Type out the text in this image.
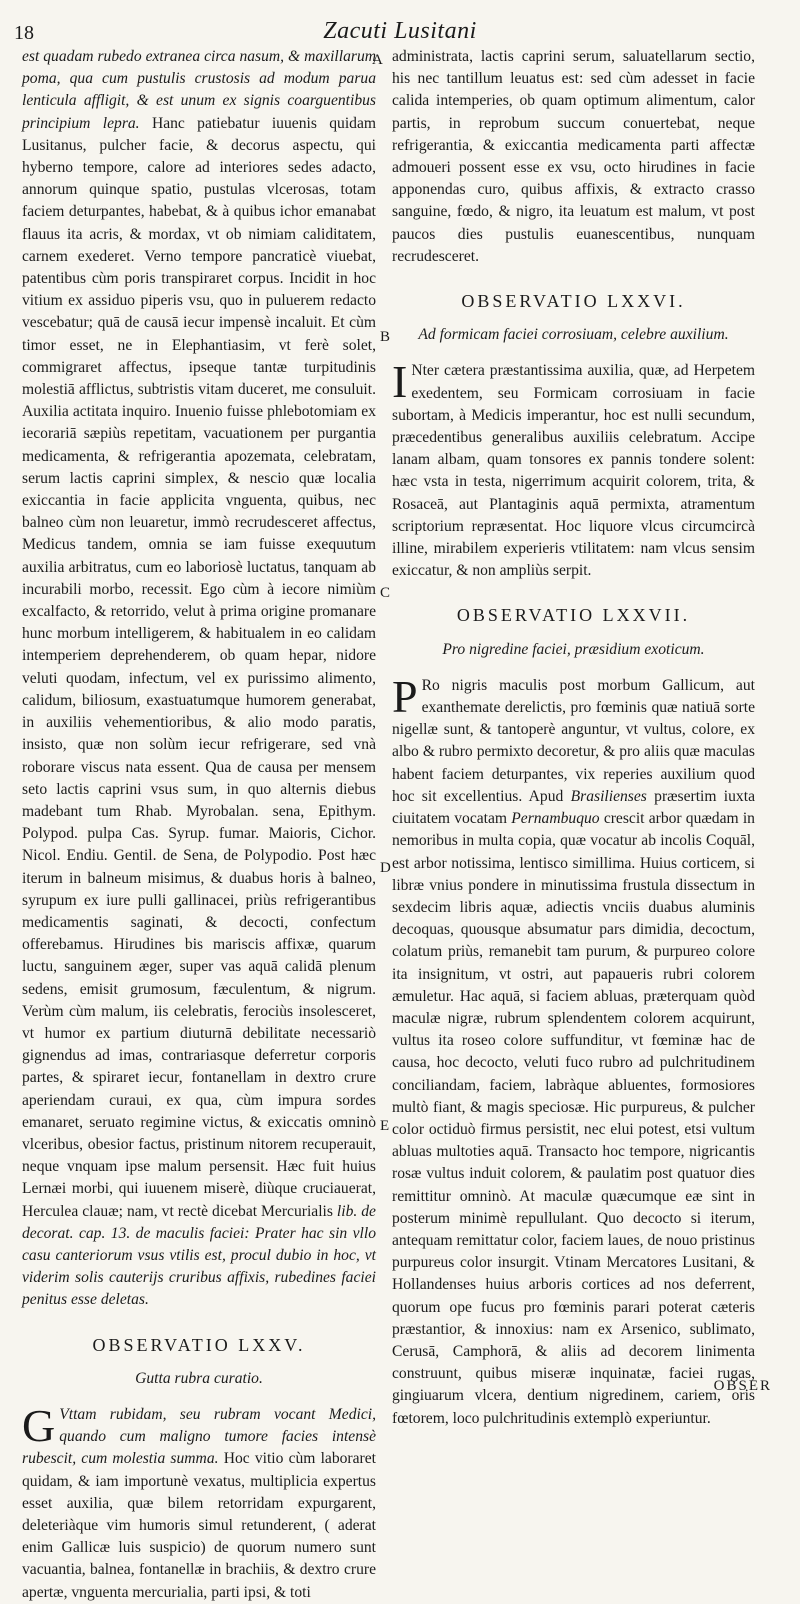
18	Zacuti Lusitani
A
B
C
D
E

est quadam rubedo extranea circa nasum, & maxillarum poma, qua cum pustulis crustosis ad modum parua lenticula affligit, & est unum ex signis coarguentibus principium lepra. Hanc patiebatur iuuenis quidam Lusitanus, pulcher facie, & decorus aspectu, qui hyberno tempore, calore ad interiores sedes adacto, annorum quinque spatio, pustulas vlcerosas, totam faciem deturpantes, habebat, & à quibus ichor emanabat flauus ita acris, & mordax, vt ob nimiam caliditatem, carnem exederet. Verno tempore pancraticè viuebat, patentibus cùm poris transpiraret corpus. Incidit in hoc vitium ex assiduo piperis vsu, quo in puluerem redacto vescebatur; quā de causā iecur impensè incaluit. Et cùm timor esset, ne in Elephantiasim, vt ferè solet, commigraret affectus, ipseque tantæ turpitudinis molestiā afflictus, subtristis vitam duceret, me consuluit. Auxilia actitata inquiro. Inuenio fuisse phlebotomiam ex iecorariā sæpiùs repetitam, vacuationem per purgantia medicamenta, & refrigerantia apozemata, celebratam, serum lactis caprini simplex, & nescio quæ localia exiccantia in facie applicita vnguenta, quibus, nec balneo cùm non leuaretur, immò recrudesceret affectus, Medicus tandem, omnia se iam fuisse exequutum auxilia arbitratus, cum eo laboriosè luctatus, tanquam ab incurabili morbo, recessit. Ego cùm à iecore nimiùm excalfacto, & retorrido, velut à prima origine promanare hunc morbum intelligerem, & habitualem in eo calidam intemperiem deprehenderem, ob quam hepar, nidore veluti quodam, infectum, vel ex purissimo alimento, calidum, biliosum, exastuatumque humorem generabat, in auxiliis vehementioribus, & alio modo paratis, insisto, quæ non solùm iecur refrigerare, sed vnà roborare viscus nata essent. Qua de causa per mensem seto lactis caprini vsus sum, in quo alternis diebus madebant tum Rhab. Myrobalan. sena, Epithym. Polypod. pulpa Cas. Syrup. fumar. Maioris, Cichor. Nicol. Endiu. Gentil. de Sena, de Polypodio. Post hæc iterum in balneum misimus, & duabus horis à balneo, syrupum ex iure pulli gallinacei, priùs refrigerantibus medicamentis saginati, & decocti, confectum offerebamus. Hirudines bis mariscis affixæ, quarum luctu, sanguinem æger, super vas aquā calidā plenum sedens, emisit grumosum, fæculentum, & nigrum. Verùm cùm malum, iis celebratis, ferociùs insolesceret, vt humor ex partium diuturnā debilitate necessariò gignendus ad imas, contrariasque deferretur corporis partes, & spiraret iecur, fontanellam in dextro crure aperiendam curaui, ex qua, cùm impura sordes emanaret, seruato regimine victus, & exiccatis omninò vlceribus, obesior factus, pristinum nitorem recuperauit, neque vnquam ipse malum persensit. Hæc fuit huius Lernæi morbi, qui iuuenem miserè, diùque cruciauerat, Herculea clauæ; nam, vt rectè dicebat Mercurialis lib. de decorat. cap. 13. de maculis faciei: Prater hac sin vllo casu canteriorum vsus vtilis est, procul dubio in hoc, vt viderim solis cauterijs cruribus affixis, rubedines faciei penitus esse deletas.

OBSERVATIO LXXV.
Gutta rubra curatio.

G Vttam rubidam, seu rubram vocant Medici, quando cum maligno tumore facies intensè rubescit, cum molestia summa. Hoc vitio cùm laboraret quidam, & iam importunè vexatus, multiplicia expertus esset auxilia, quæ bilem retorridam expurgarent, deleteriàque vim humoris simul retunderent, ( aderat enim Gallicæ luis suspicio) de quorum numero sunt vacuantia, balnea, fontanellæ in brachiis, & dextro crure apertæ, vnguenta mercurialia, parti ipsi, & toti

administrata, lactis caprini serum, saluatellarum sectio, his nec tantillum leuatus est: sed cùm adesset in facie calida intemperies, ob quam optimum alimentum, calor partis, in reprobum succum conuertebat, neque refrigerantia, & exiccantia medicamenta parti affectæ admoueri possent esse ex vsu, octo hirudines in facie apponendas curo, quibus affixis, & extracto crasso sanguine, fœdo, & nigro, ita leuatum est malum, vt post paucos dies pustulis euanescentibus, nunquam recrudesceret.

OBSERVATIO LXXVI.
Ad formicam faciei corrosiuam, celebre auxilium.

I Nter cætera præstantissima auxilia, quæ, ad Herpetem exedentem, seu Formicam corrosiuam in facie subortam, à Medicis imperantur, hoc est nulli secundum, præcedentibus generalibus auxiliis celebratum. Accipe lanam albam, quam tonsores ex pannis tondere solent: hæc vsta in testa, nigerrimum acquirit colorem, trita, & Rosaceā, aut Plantaginis aquā permixta, atramentum scriptorium repræsentat. Hoc liquore vlcus circumcircà illine, mirabilem experieris vtilitatem: nam vlcus sensim exiccatur, & non ampliùs serpit.

OBSERVATIO LXXVII.
Pro nigredine faciei, præsidium exoticum.

P Ro nigris maculis post morbum Gallicum, aut exanthemate derelictis, pro fœminis quæ natiuā sorte nigellæ sunt, & tantoperè anguntur, vt vultus, colore, ex albo & rubro permixto decoretur, & pro aliis quæ maculas habent faciem deturpantes, vix reperies auxilium quod hoc sit excellentius. Apud Brasilienses præsertim iuxta ciuitatem vocatam Pernambuquo crescit arbor quædam in nemoribus in multa copia, quæ vocatur ab incolis Coquāl, est arbor notissima, lentisco simillima. Huius corticem, si libræ vnius pondere in minutissima frustula dissectum in sexdecim libris aquæ, adiectis vnciis duabus aluminis decoquas, quousque absumatur pars dimidia, decoctum, colatum priùs, remanebit tam purum, & purpureo colore ita insignitum, vt ostri, aut papaueris rubri colorem æmuletur. Hac aquā, si faciem abluas, præterquam quòd maculæ nigræ, rubrum splendentem colorem acquirunt, vultus ita roseo colore suffunditur, vt fœminæ hac de causa, hoc decocto, veluti fuco rubro ad pulchritudinem conciliandam, faciem, labràque abluentes, formosiores multò fiant, & magis speciosæ. Hic purpureus, & pulcher color octiduò firmus persistit, nec elui potest, etsi vultum abluas multoties aquā. Transacto hoc tempore, nigricantis rosæ vultus induit colorem, & paulatim post quatuor dies remittitur omninò. At maculæ quæcumque eæ sint in posterum minimè repullulant. Quo decocto si iterum, antequam remittatur color, faciem laues, de nouo pristinus purpureus color insurgit. Vtinam Mercatores Lusitani, & Hollandenses huius arboris cortices ad nos deferrent, quorum ope fucus pro fœminis parari poterat cæteris præstantior, & innoxius: nam ex Arsenico, sublimato, Cerusā, Camphorā, & aliis ad decorem linimenta construunt, quibus miseræ inquinatæ, faciei rugas, gingiuarum vlcera, dentium nigredinem, cariem, oris fœtorem, loco pulchritudinis extemplò experiuntur.

OBSER
